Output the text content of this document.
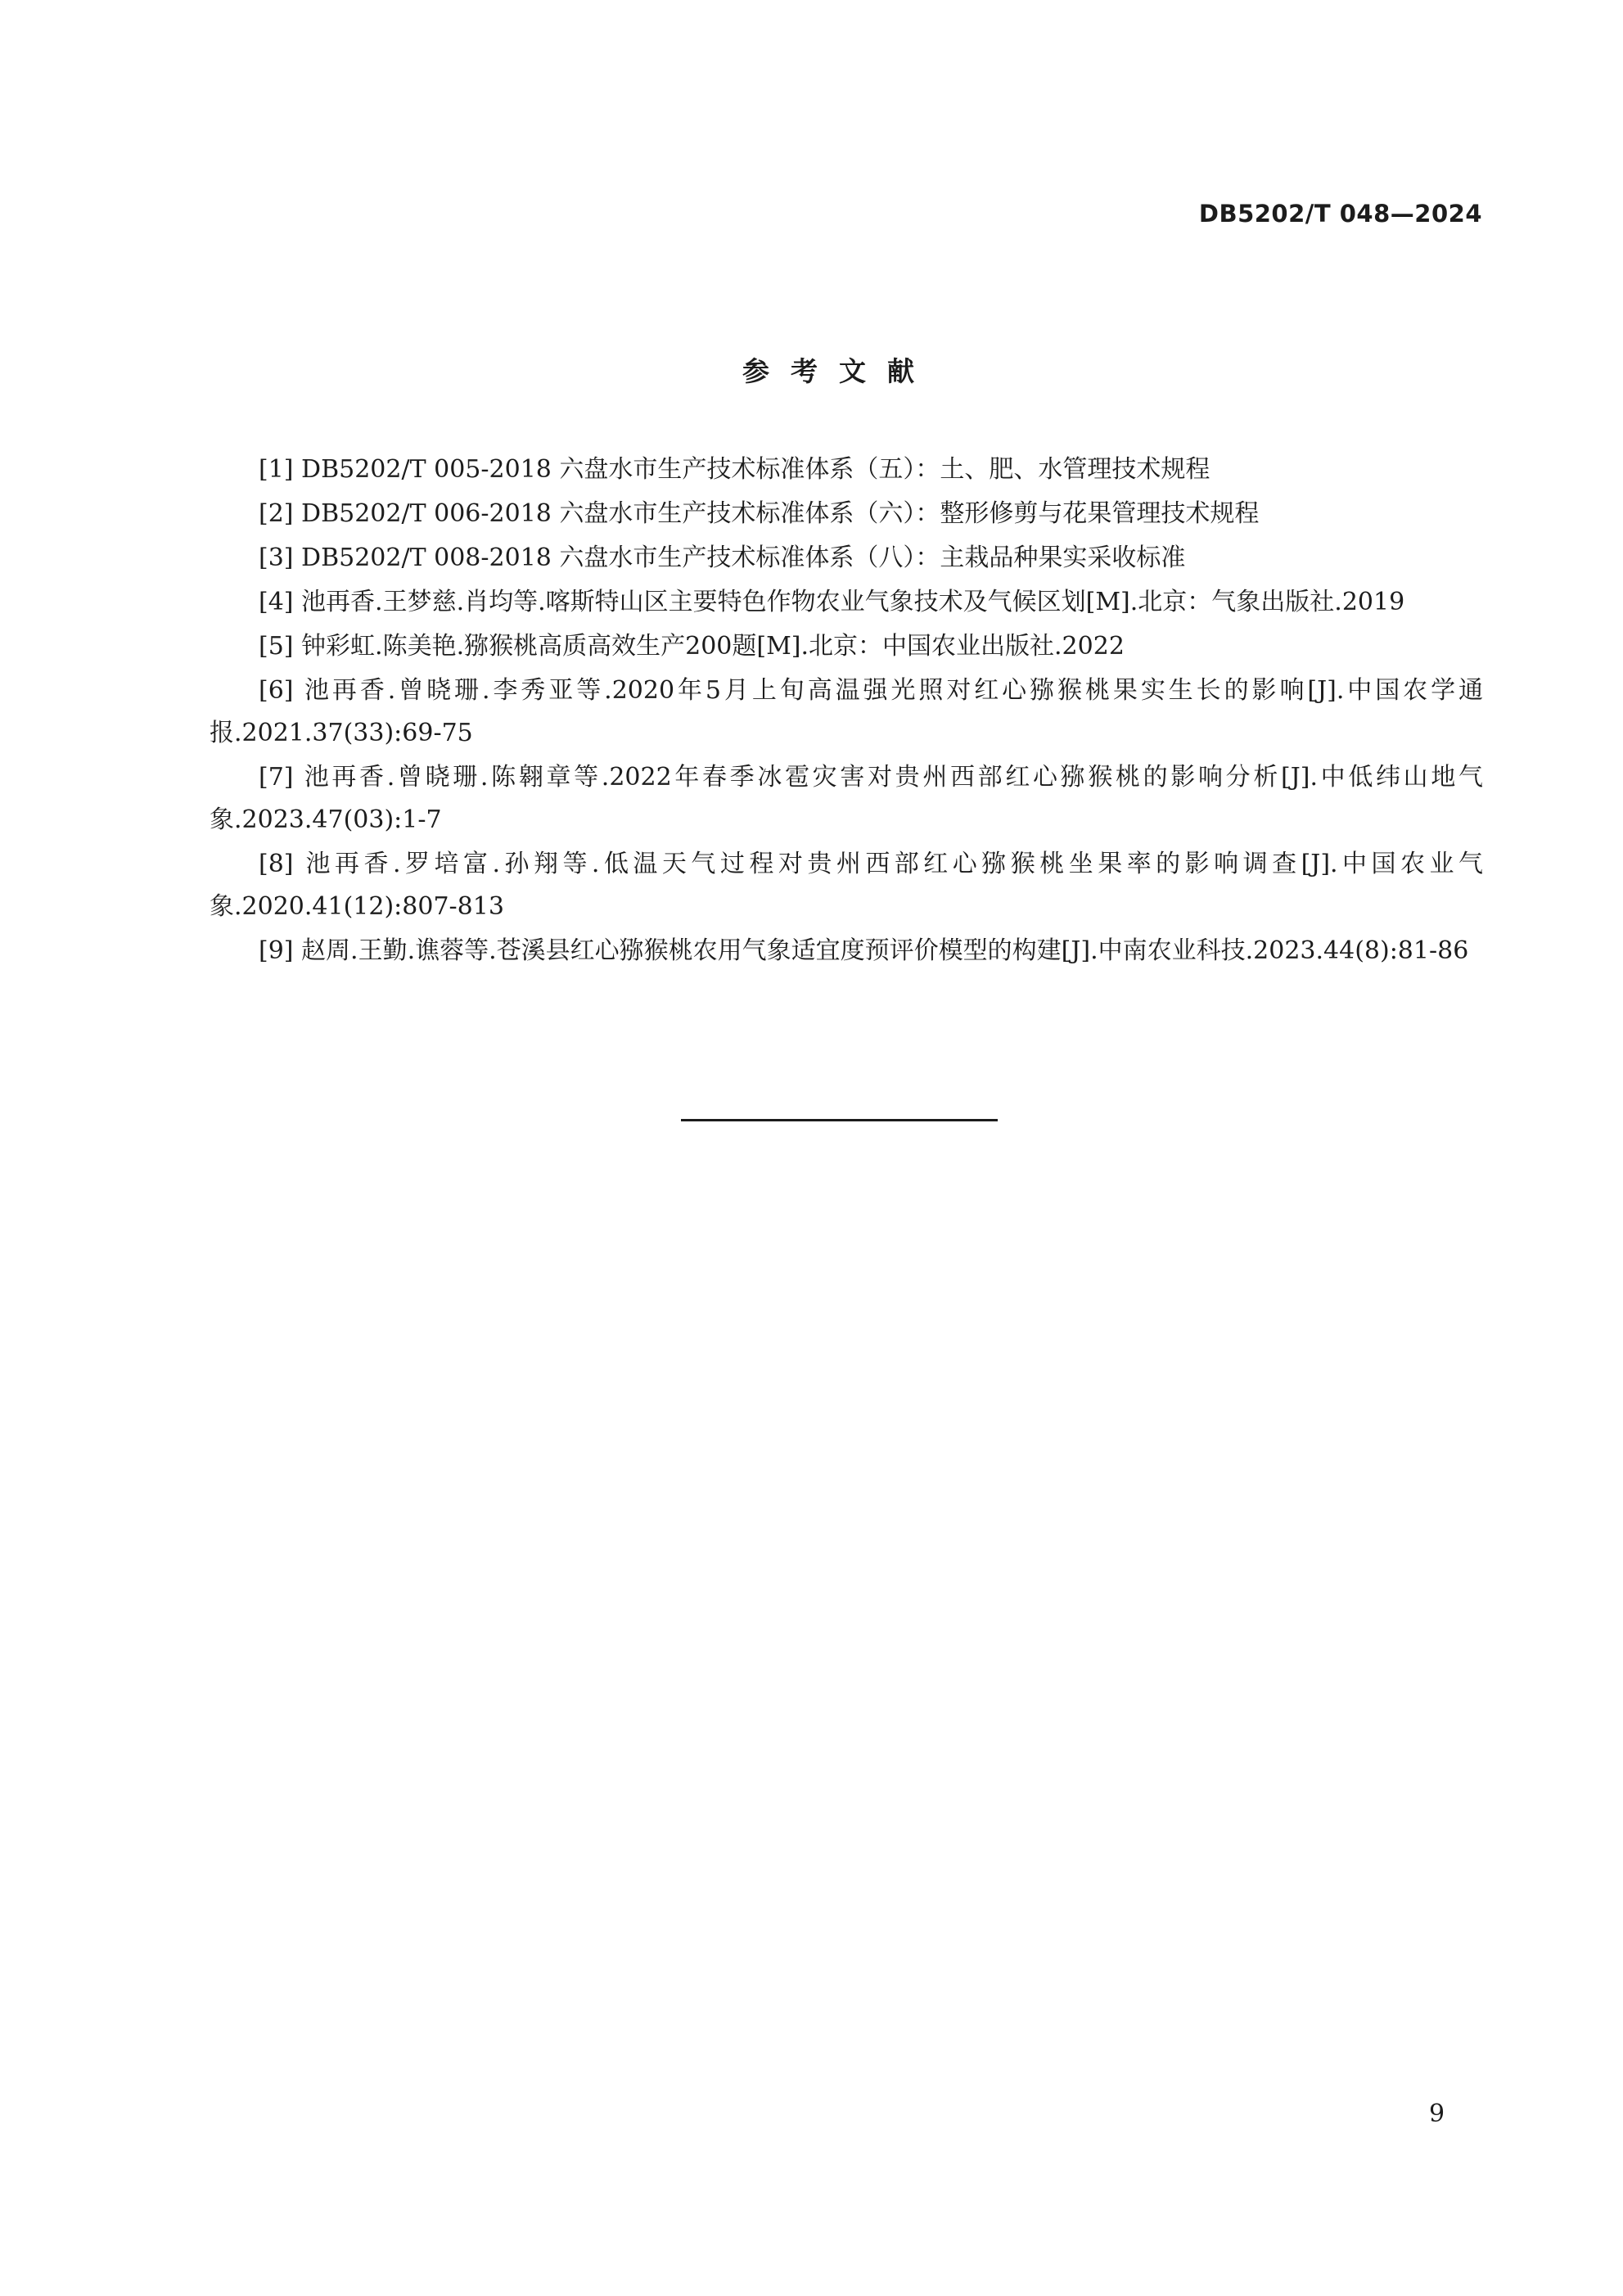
DB5202/T 048—2024
参考文献
[1] DB5202/T 005-2018 六盘水市生产技术标准体系（五）：土、肥、水管理技术规程
[2] DB5202/T 006-2018 六盘水市生产技术标准体系（六）：整形修剪与花果管理技术规程
[3] DB5202/T 008-2018 六盘水市生产技术标准体系（八）：主栽品种果实采收标准
[4] 池再香.王梦慈.肖均等.喀斯特山区主要特色作物农业气象技术及气候区划[M].北京：气象出版社.2019
[5] 钟彩虹.陈美艳.猕猴桃高质高效生产200题[M].北京：中国农业出版社.2022
[6] 池再香.曾晓珊.李秀亚等.2020年5月上旬高温强光照对红心猕猴桃果实生长的影响[J].中国农学通报.2021.37(33):69-75
[7] 池再香.曾晓珊.陈翱章等.2022年春季冰雹灾害对贵州西部红心猕猴桃的影响分析[J].中低纬山地气象.2023.47(03):1-7
[8] 池再香.罗培富.孙翔等.低温天气过程对贵州西部红心猕猴桃坐果率的影响调查[J].中国农业气象.2020.41(12):807-813
[9] 赵周.王勤.谯蓉等.苍溪县红心猕猴桃农用气象适宜度预评价模型的构建[J].中南农业科技.2023.44(8):81-86
9
